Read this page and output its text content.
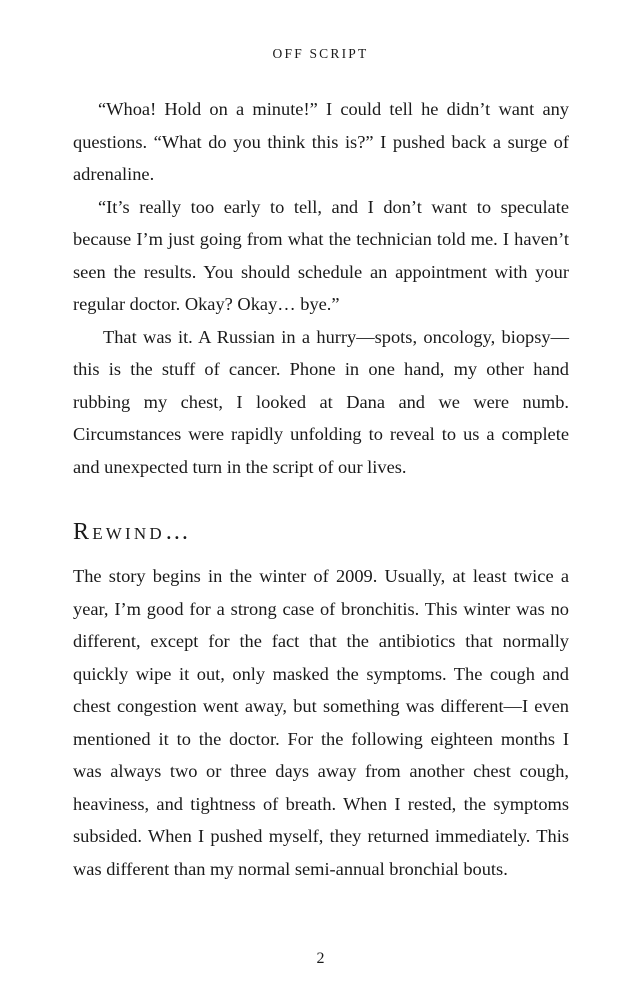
OFF SCRIPT

“Whoa! Hold on a minute!” I could tell he didn’t want any questions. “What do you think this is?” I pushed back a surge of adrenaline.

“It’s really too early to tell, and I don’t want to speculate because I’m just going from what the technician told me. I haven’t seen the results. You should schedule an appointment with your regular doctor. Okay? Okay… bye.”

That was it. A Russian in a hurry—spots, oncology, biopsy—this is the stuff of cancer. Phone in one hand, my other hand rubbing my chest, I looked at Dana and we were numb. Circumstances were rapidly unfolding to reveal to us a complete and unexpected turn in the script of our lives.

Rewind…

The story begins in the winter of 2009. Usually, at least twice a year, I’m good for a strong case of bronchitis. This winter was no different, except for the fact that the antibiotics that normally quickly wipe it out, only masked the symptoms. The cough and chest congestion went away, but something was different—I even mentioned it to the doctor. For the following eighteen months I was always two or three days away from another chest cough, heaviness, and tightness of breath. When I rested, the symptoms subsided. When I pushed myself, they returned immediately. This was different than my normal semi-annual bronchial bouts.

2
